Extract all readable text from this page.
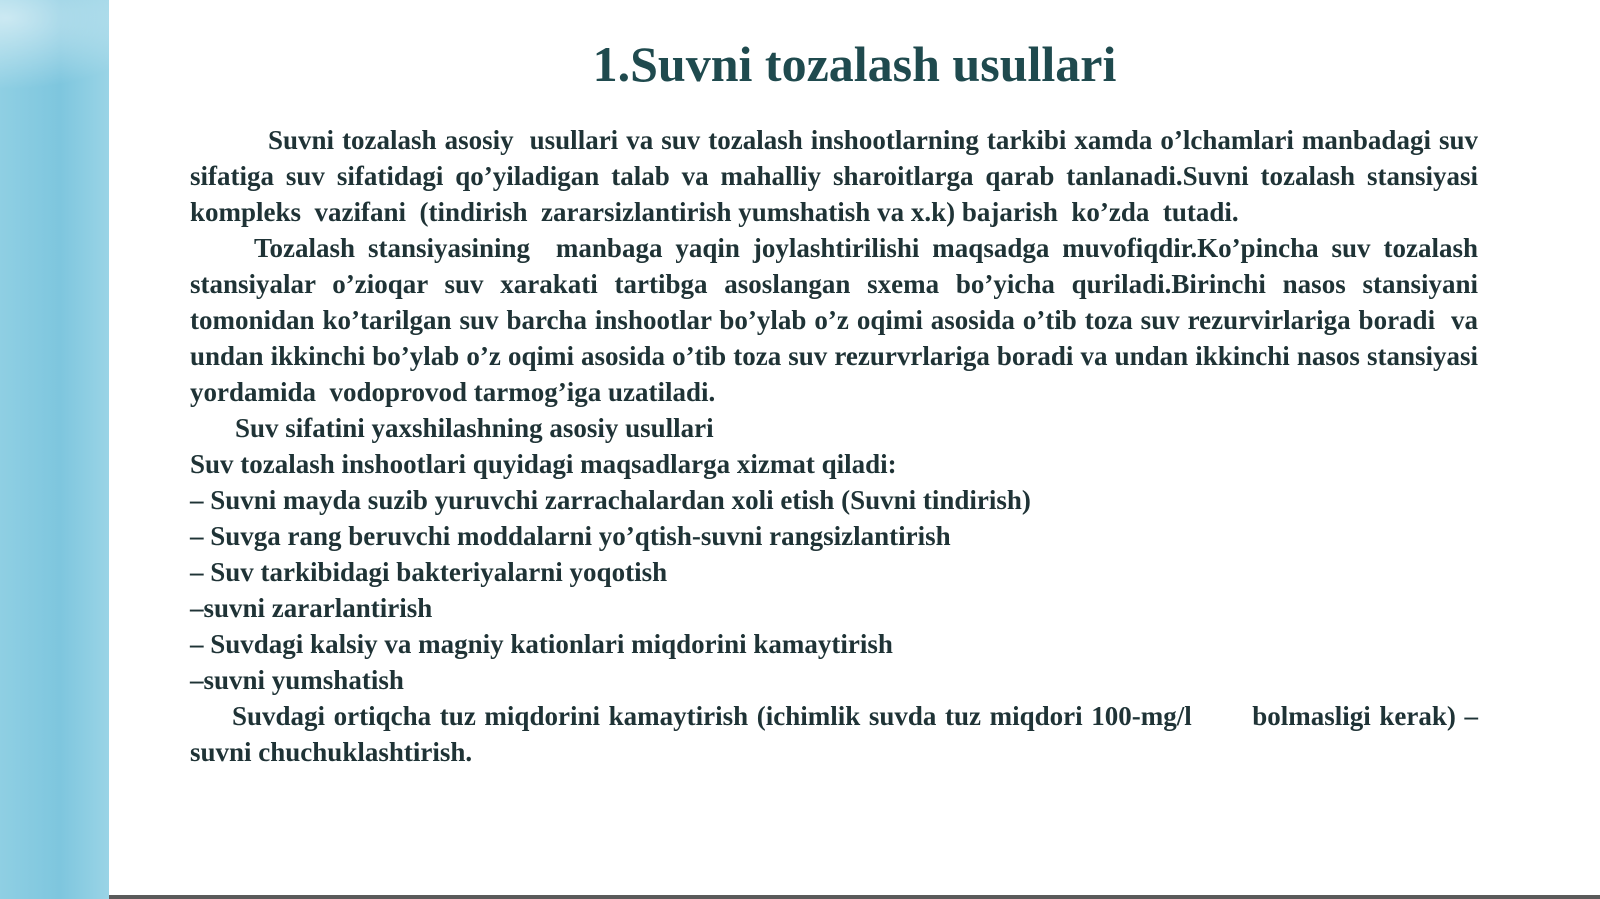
1.Suvni tozalash usullari

Suvni tozalash asosiy  usullari va suv tozalash inshootlarning tarkibi xamda o’lchamlari manbadagi suv sifatiga suv sifatidagi qo’yiladigan talab va mahalliy sharoitlarga qarab tanlanadi.Suvni tozalash stansiyasi  kompleks  vazifani  (tindirish  zararsizlantirish yumshatish va x.k) bajarish  ko’zda  tutadi.

Tozalash stansiyasining  manbaga yaqin joylashtirilishi maqsadga muvofiqdir.Ko’pincha suv tozalash stansiyalar o’zioqar suv xarakati tartibga asoslangan sxema bo’yicha quriladi.Birinchi nasos stansiyani tomonidan ko’tarilgan suv barcha inshootlar bo’ylab o’z oqimi asosida o’tib toza suv rezurvirlariga boradi  va undan ikkinchi bo’ylab o’z oqimi asosida o’tib toza suv rezurvrlariga boradi va undan ikkinchi nasos stansiyasi yordamida  vodoprovod tarmog’iga uzatiladi.

Suv sifatini yaxshilashning asosiy usullari

Suv tozalash inshootlari quyidagi maqsadlarga xizmat qiladi:

– Suvni mayda suzib yuruvchi zarrachalardan xoli etish (Suvni tindirish)

– Suvga rang beruvchi moddalarni yo’qtish-suvni rangsizlantirish

– Suv tarkibidagi bakteriyalarni yoqotish

–suvni zararlantirish

– Suvdagi kalsiy va magniy kationlari miqdorini kamaytirish

–suvni yumshatish

Suvdagi ortiqcha tuz miqdorini kamaytirish (ichimlik suvda tuz miqdori 100-mg/l       bolmasligi kerak) –suvni chuchuklashtirish.
